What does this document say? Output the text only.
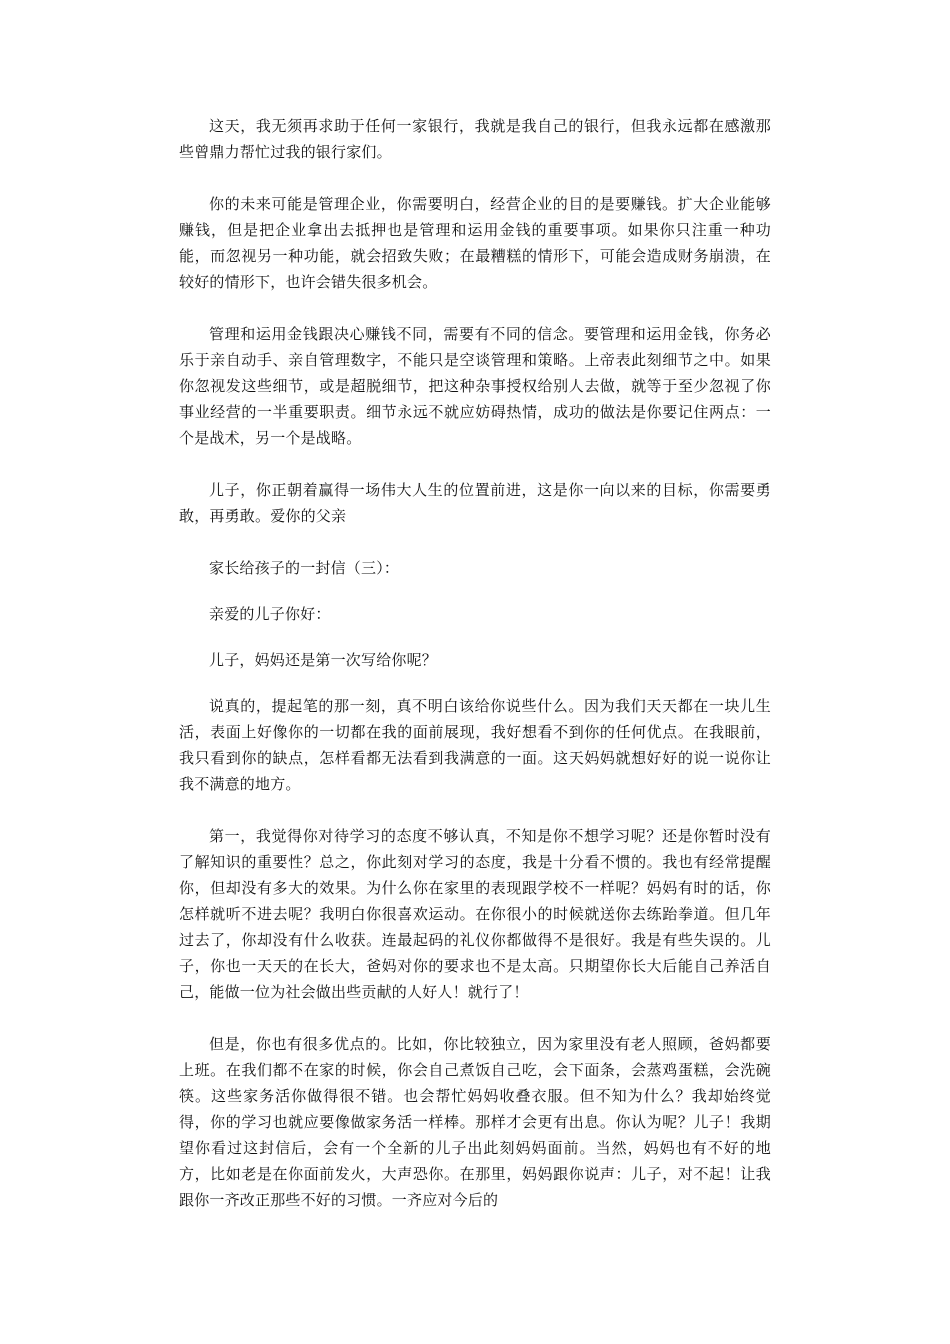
这天，我无须再求助于任何一家银行，我就是我自己的银行，但我永远都在感激那些曾鼎力帮忙过我的银行家们。

你的未来可能是管理企业，你需要明白，经营企业的目的是要赚钱。扩大企业能够赚钱，但是把企业拿出去抵押也是管理和运用金钱的重要事项。如果你只注重一种功能，而忽视另一种功能，就会招致失败；在最糟糕的情形下，可能会造成财务崩溃，在较好的情形下，也许会错失很多机会。

管理和运用金钱跟决心赚钱不同，需要有不同的信念。要管理和运用金钱，你务必乐于亲自动手、亲自管理数字，不能只是空谈管理和策略。上帝表此刻细节之中。如果你忽视发这些细节，或是超脱细节，把这种杂事授权给别人去做，就等于至少忽视了你事业经营的一半重要职责。细节永远不就应妨碍热情，成功的做法是你要记住两点：一个是战术，另一个是战略。

儿子，你正朝着赢得一场伟大人生的位置前进，这是你一向以来的目标，你需要勇敢，再勇敢。爱你的父亲

家长给孩子的一封信（三）：

亲爱的儿子你好：

儿子，妈妈还是第一次写给你呢？

说真的，提起笔的那一刻，真不明白该给你说些什么。因为我们天天都在一块儿生活，表面上好像你的一切都在我的面前展现，我好想看不到你的任何优点。在我眼前，我只看到你的缺点，怎样看都无法看到我满意的一面。这天妈妈就想好好的说一说你让我不满意的地方。

第一，我觉得你对待学习的态度不够认真，不知是你不想学习呢？还是你暂时没有了解知识的重要性？总之，你此刻对学习的态度，我是十分看不惯的。我也有经常提醒你，但却没有多大的效果。为什么你在家里的表现跟学校不一样呢？妈妈有时的话，你怎样就听不进去呢？我明白你很喜欢运动。在你很小的时候就送你去练跆拳道。但几年过去了，你却没有什么收获。连最起码的礼仪你都做得不是很好。我是有些失误的。儿子，你也一天天的在长大，爸妈对你的要求也不是太高。只期望你长大后能自己养活自己，能做一位为社会做出些贡献的人好人！就行了！

但是，你也有很多优点的。比如，你比较独立，因为家里没有老人照顾，爸妈都要上班。在我们都不在家的时候，你会自己煮饭自己吃，会下面条，会蒸鸡蛋糕，会洗碗筷。这些家务活你做得很不错。也会帮忙妈妈收叠衣服。但不知为什么？我却始终觉得，你的学习也就应要像做家务活一样棒。那样才会更有出息。你认为呢？儿子！我期望你看过这封信后，会有一个全新的儿子出此刻妈妈面前。当然，妈妈也有不好的地方，比如老是在你面前发火，大声恐你。在那里，妈妈跟你说声：儿子，对不起！让我跟你一齐改正那些不好的习惯。一齐应对今后的
